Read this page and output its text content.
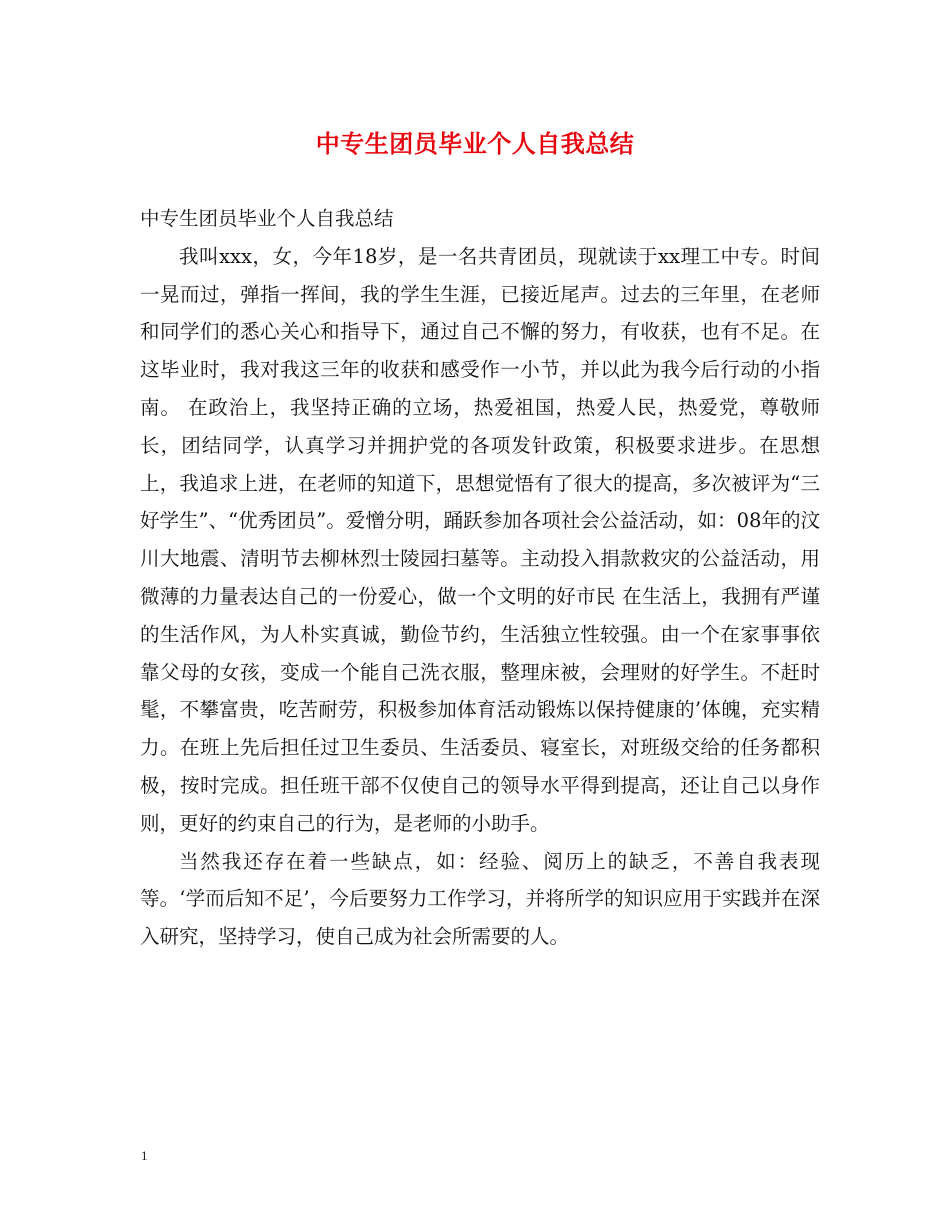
中专生团员毕业个人自我总结

中专生团员毕业个人自我总结

我叫xxx，女，今年18岁，是一名共青团员，现就读于xx理工中专。时间一晃而过，弹指一挥间，我的学生生涯，已接近尾声。过去的三年里，在老师和同学们的悉心关心和指导下，通过自己不懈的努力，有收获，也有不足。在这毕业时，我对我这三年的收获和感受作一小节，并以此为我今后行动的小指南。 在政治上，我坚持正确的立场，热爱祖国，热爱人民，热爱党，尊敬师长，团结同学，认真学习并拥护党的各项发针政策，积极要求进步。在思想上，我追求上进，在老师的知道下，思想觉悟有了很大的提高，多次被评为“三好学生”、“优秀团员”。爱憎分明，踊跃参加各项社会公益活动，如：08年的汶川大地震、清明节去柳林烈士陵园扫墓等。主动投入捐款救灾的公益活动，用微薄的力量表达自己的一份爱心，做一个文明的好市民 在生活上，我拥有严谨的生活作风，为人朴实真诚，勤俭节约，生活独立性较强。由一个在家事事依靠父母的女孩，变成一个能自己洗衣服，整理床被，会理财的好学生。不赶时髦，不攀富贵，吃苦耐劳，积极参加体育活动锻炼以保持健康的’体魄，充实精力。在班上先后担任过卫生委员、生活委员、寝室长，对班级交给的任务都积极，按时完成。担任班干部不仅使自己的领导水平得到提高，还让自己以身作则，更好的约束自己的行为，是老师的小助手。

当然我还存在着一些缺点，如：经验、阅历上的缺乏，不善自我表现等。‘学而后知不足’，今后要努力工作学习，并将所学的知识应用于实践并在深入研究，坚持学习，使自己成为社会所需要的人。

1
